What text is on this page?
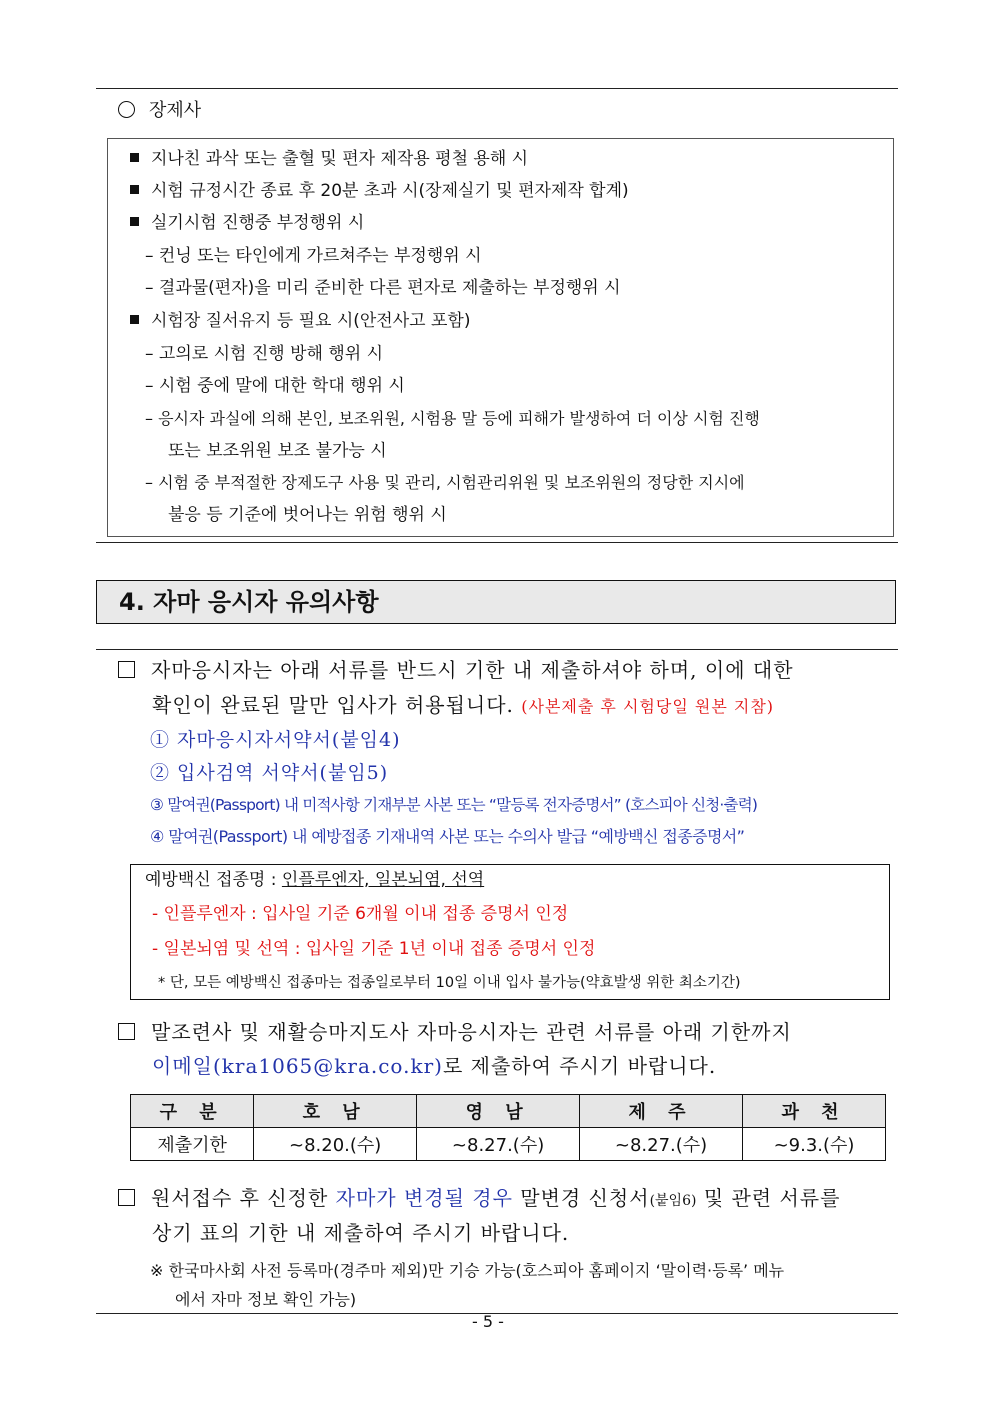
장제사
지나친 과삭 또는 출혈 및 편자 제작용 평철 용해 시
시험 규정시간 종료 후 20분 초과 시(장제실기 및 편자제작 합계)
실기시험 진행중 부정행위 시
– 컨닝 또는 타인에게 가르쳐주는 부정행위 시
– 결과물(편자)을 미리 준비한 다른 편자로 제출하는 부정행위 시
시험장 질서유지 등 필요 시(안전사고 포함)
– 고의로 시험 진행 방해 행위 시
– 시험 중에 말에 대한 학대 행위 시
– 응시자 과실에 의해 본인, 보조위원, 시험용 말 등에 피해가 발생하여 더 이상 시험 진행
또는 보조위원 보조 불가능 시
– 시험 중 부적절한 장제도구 사용 및 관리, 시험관리위원 및 보조위원의 정당한 지시에
불응 등 기준에 벗어나는 위험 행위 시
4. 자마 응시자 유의사항
자마응시자는 아래 서류를 반드시 기한 내 제출하셔야 하며, 이에 대한
확인이 완료된 말만 입사가 허용됩니다. (사본제출 후 시험당일 원본 지참)
① 자마응시자서약서(붙임4)
② 입사검역 서약서(붙임5)
③ 말여권(Passport) 내 미적사항 기재부분 사본 또는 “말등록 전자증명서” (호스피아 신청·출력)
④ 말여권(Passport) 내 예방접종 기재내역 사본 또는 수의사 발급 “예방백신 접종증명서”
예방백신 접종명 : 인플루엔자, 일본뇌염, 선역
- 인플루엔자 : 입사일 기준 6개월 이내 접종 증명서 인정
- 일본뇌염 및 선역 : 입사일 기준 1년 이내 접종 증명서 인정
* 단, 모든 예방백신 접종마는 접종일로부터 10일 이내 입사 불가능(약효발생 위한 최소기간)
말조련사 및 재활승마지도사 자마응시자는 관련 서류를 아래 기한까지
이메일(kra1065@kra.co.kr)로 제출하여 주시기 바랍니다.
구 분	호 남	영 남	제 주	과 천
제출기한	~8.20.(수)	~8.27.(수)	~8.27.(수)	~9.3.(수)
원서접수 후 신정한 자마가 변경될 경우 말변경 신청서(붙임6) 및 관련 서류를
상기 표의 기한 내 제출하여 주시기 바랍니다.
※ 한국마사회 사전 등록마(경주마 제외)만 기승 가능(호스피아 홈페이지 ‘말이력·등록’ 메뉴
에서 자마 정보 확인 가능)
- 5 -
